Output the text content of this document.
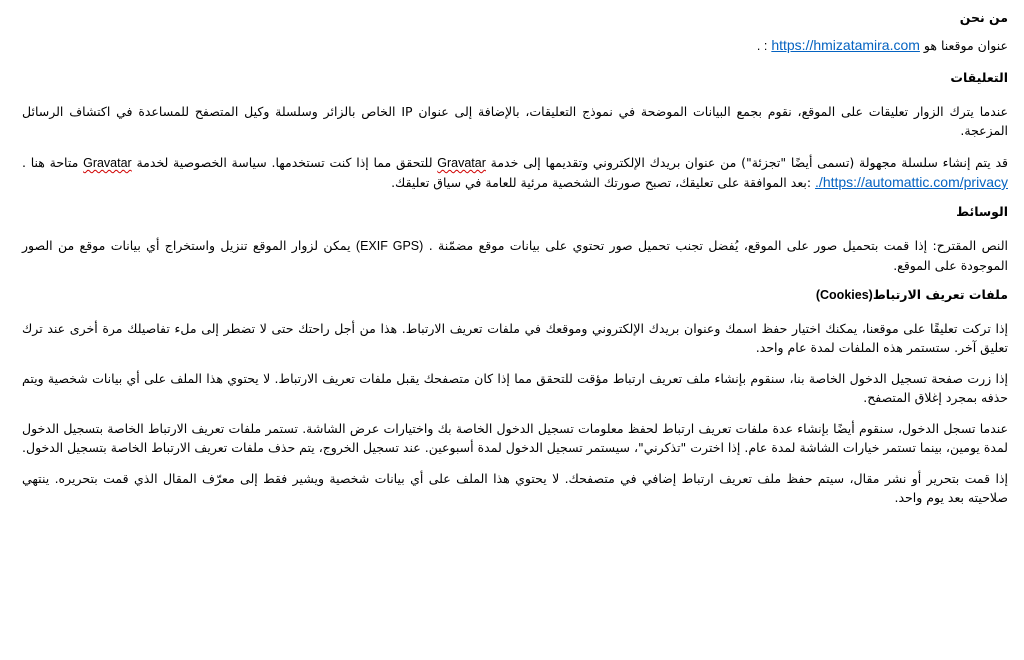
من نحن

عنوان موقعنا هو https://hmizatamira.com : .

التعليقات

عندما يترك الزوار تعليقات على الموقع، نقوم بجمع البيانات الموضحة في نموذج التعليقات، بالإضافة إلى عنوان IP الخاص بالزائر وسلسلة وكيل المتصفح للمساعدة في اكتشاف الرسائل المزعجة.

قد يتم إنشاء سلسلة مجهولة (تسمى أيضًا "تجزئة") من عنوان بريدك الإلكتروني وتقديمها إلى خدمة Gravatar للتحقق مما إذا كنت تستخدمها. سياسة الخصوصية لخدمة Gravatar متاحة هنا . https://automattic.com/privacy/. :بعد الموافقة على تعليقك، تصبح صورتك الشخصية مرئية للعامة في سياق تعليقك.

الوسائط

النص المقترح: إذا قمت بتحميل صور على الموقع، يُفضل تجنب تحميل صور تحتوي على بيانات موقع مضمّنة . (EXIF GPS) يمكن لزوار الموقع تنزيل واستخراج أي بيانات موقع من الصور الموجودة على الموقع.

ملفات تعريف الارتباط(Cookies)

إذا تركت تعليقًا على موقعنا، يمكنك اختيار حفظ اسمك وعنوان بريدك الإلكتروني وموقعك في ملفات تعريف الارتباط. هذا من أجل راحتك حتى لا تضطر إلى ملء تفاصيلك مرة أخرى عند ترك تعليق آخر. ستستمر هذه الملفات لمدة عام واحد.

إذا زرت صفحة تسجيل الدخول الخاصة بنا، سنقوم بإنشاء ملف تعريف ارتباط مؤقت للتحقق مما إذا كان متصفحك يقبل ملفات تعريف الارتباط. لا يحتوي هذا الملف على أي بيانات شخصية ويتم حذفه بمجرد إغلاق المتصفح.

عندما تسجل الدخول، سنقوم أيضًا بإنشاء عدة ملفات تعريف ارتباط لحفظ معلومات تسجيل الدخول الخاصة بك واختيارات عرض الشاشة. تستمر ملفات تعريف الارتباط الخاصة بتسجيل الدخول لمدة يومين، بينما تستمر خيارات الشاشة لمدة عام. إذا اخترت "تذكرني"، سيستمر تسجيل الدخول لمدة أسبوعين. عند تسجيل الخروج، يتم حذف ملفات تعريف الارتباط الخاصة بتسجيل الدخول.

إذا قمت بتحرير أو نشر مقال، سيتم حفظ ملف تعريف ارتباط إضافي في متصفحك. لا يحتوي هذا الملف على أي بيانات شخصية ويشير فقط إلى معرّف المقال الذي قمت بتحريره. ينتهي صلاحيته بعد يوم واحد.
